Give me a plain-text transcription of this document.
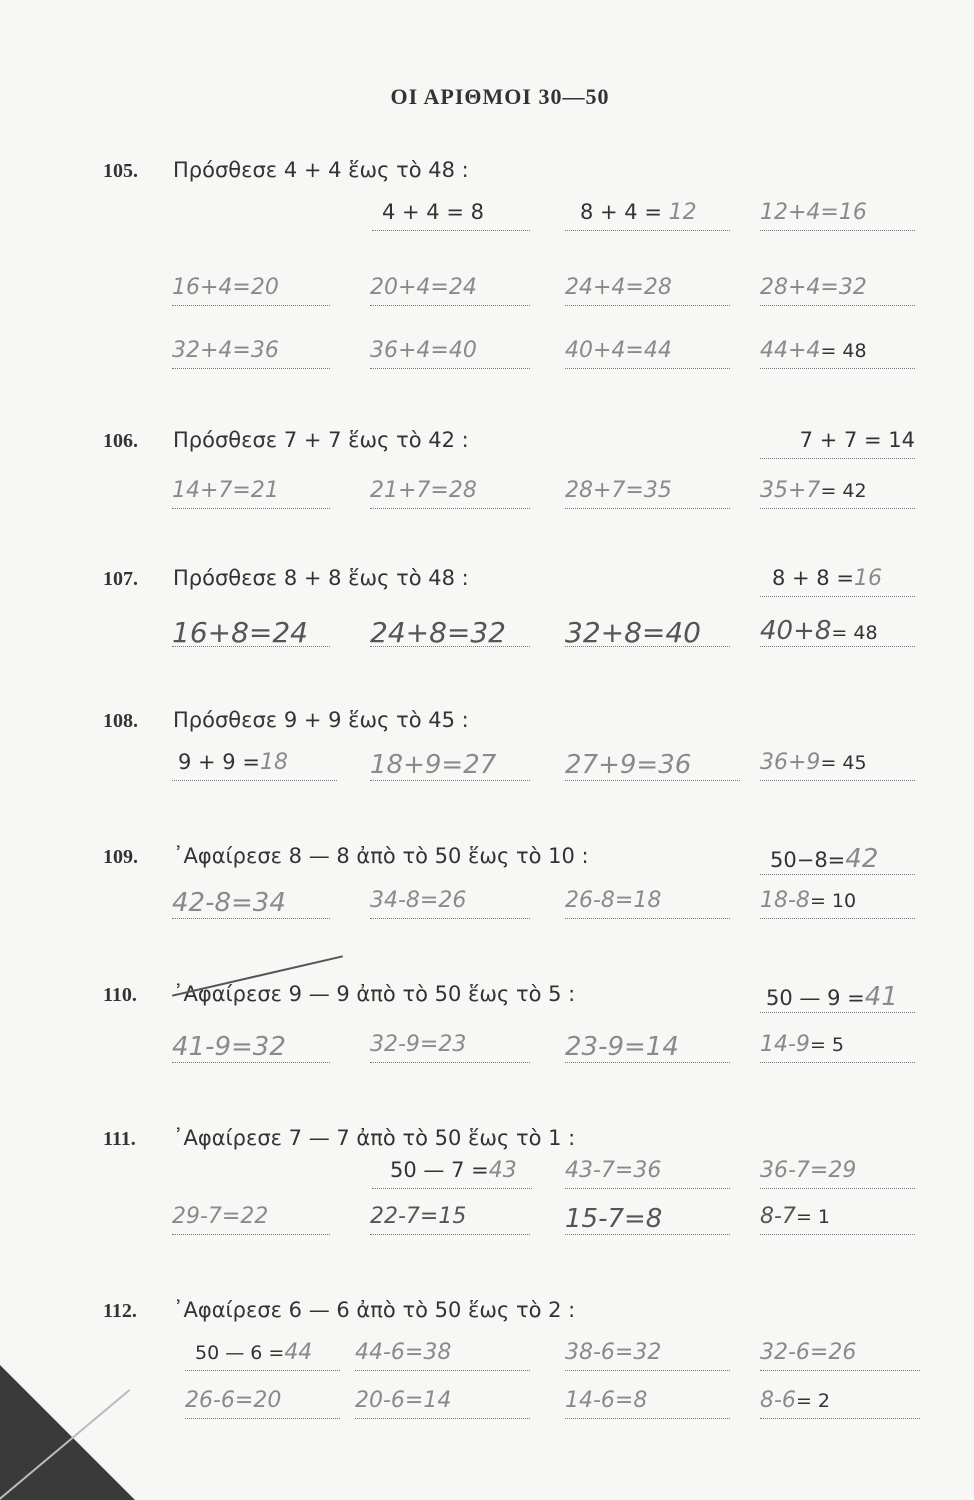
ΟΙ ΑΡΙΘΜΟΙ 30—50
105. Πρόσθεσε 4 + 4 ἕως τὸ 48 :
4 + 4 = 8	8 + 4 = 12	12+4=16
16+4=20	20+4=24	24+4=28	28+4=32
32+4=36	36+4=40	40+4=44	44+4= 48
106. Πρόσθεσε 7 + 7 ἕως τὸ 42 :	7 + 7 = 14
14+7=21	21+7=28	28+7=35	35+7= 42
107. Πρόσθεσε 8 + 8 ἕως τὸ 48 :	8 + 8 =16
16+8=24	24+8=32	32+8=40	40+8= 48
108. Πρόσθεσε 9 + 9 ἕως τὸ 45 :
9 + 9 =18	18+9=27	27+9=36	36+9= 45
109. ᾿Αφαίρεσε 8 — 8 ἀπὸ τὸ 50 ἕως τὸ 10 :	50−8=42
42-8=34	34-8=26	26-8=18	18-8= 10
110. ᾿Αφαίρεσε 9 — 9 ἀπὸ τὸ 50 ἕως τὸ 5 :	50 — 9 =41
41-9=32	32-9=23	23-9=14	14-9= 5
111. ᾿Αφαίρεσε 7 — 7 ἀπὸ τὸ 50 ἕως τὸ 1 :
50 — 7 =43	43-7=36	36-7=29
29-7=22	22-7=15	15-7=8	8-7= 1
112. ᾿Αφαίρεσε 6 — 6 ἀπὸ τὸ 50 ἕως τὸ 2 :
50 — 6 =44	44-6=38	38-6=32	32-6=26
26-6=20	20-6=14	14-6=8	8-6= 2
